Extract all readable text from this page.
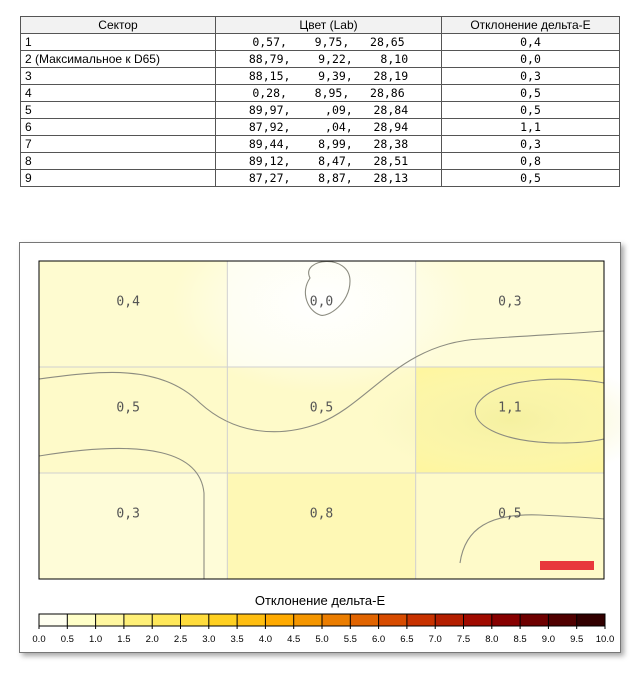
Сектор	Цвет (Lab)	Отклонение дельта-E
1	0,57,    9,75,   28,65	0,4
2 (Максимальное к D65)	88,79,    9,22,    8,10	0,0
3	88,15,    9,39,   28,19	0,3
4	0,28,    8,95,   28,86	0,5
5	89,97,     ,09,   28,84	0,5
6	87,92,     ,04,   28,94	1,1
7	89,44,    8,99,   28,38	0,3
8	89,12,    8,47,   28,51	0,8
9	87,27,    8,87,   28,13	0,5
0,4	0,0	0,3
0,5	0,5	1,1
0,3	0,8	0,5
Отклонение дельта-E
0.0	0.5	1.0	1.5	2.0	2.5	3.0	3.5	4.0	4.5	5.0	5.5	6.0	6.5	7.0	7.5	8.0	8.5	9.0	9.5	10.0
